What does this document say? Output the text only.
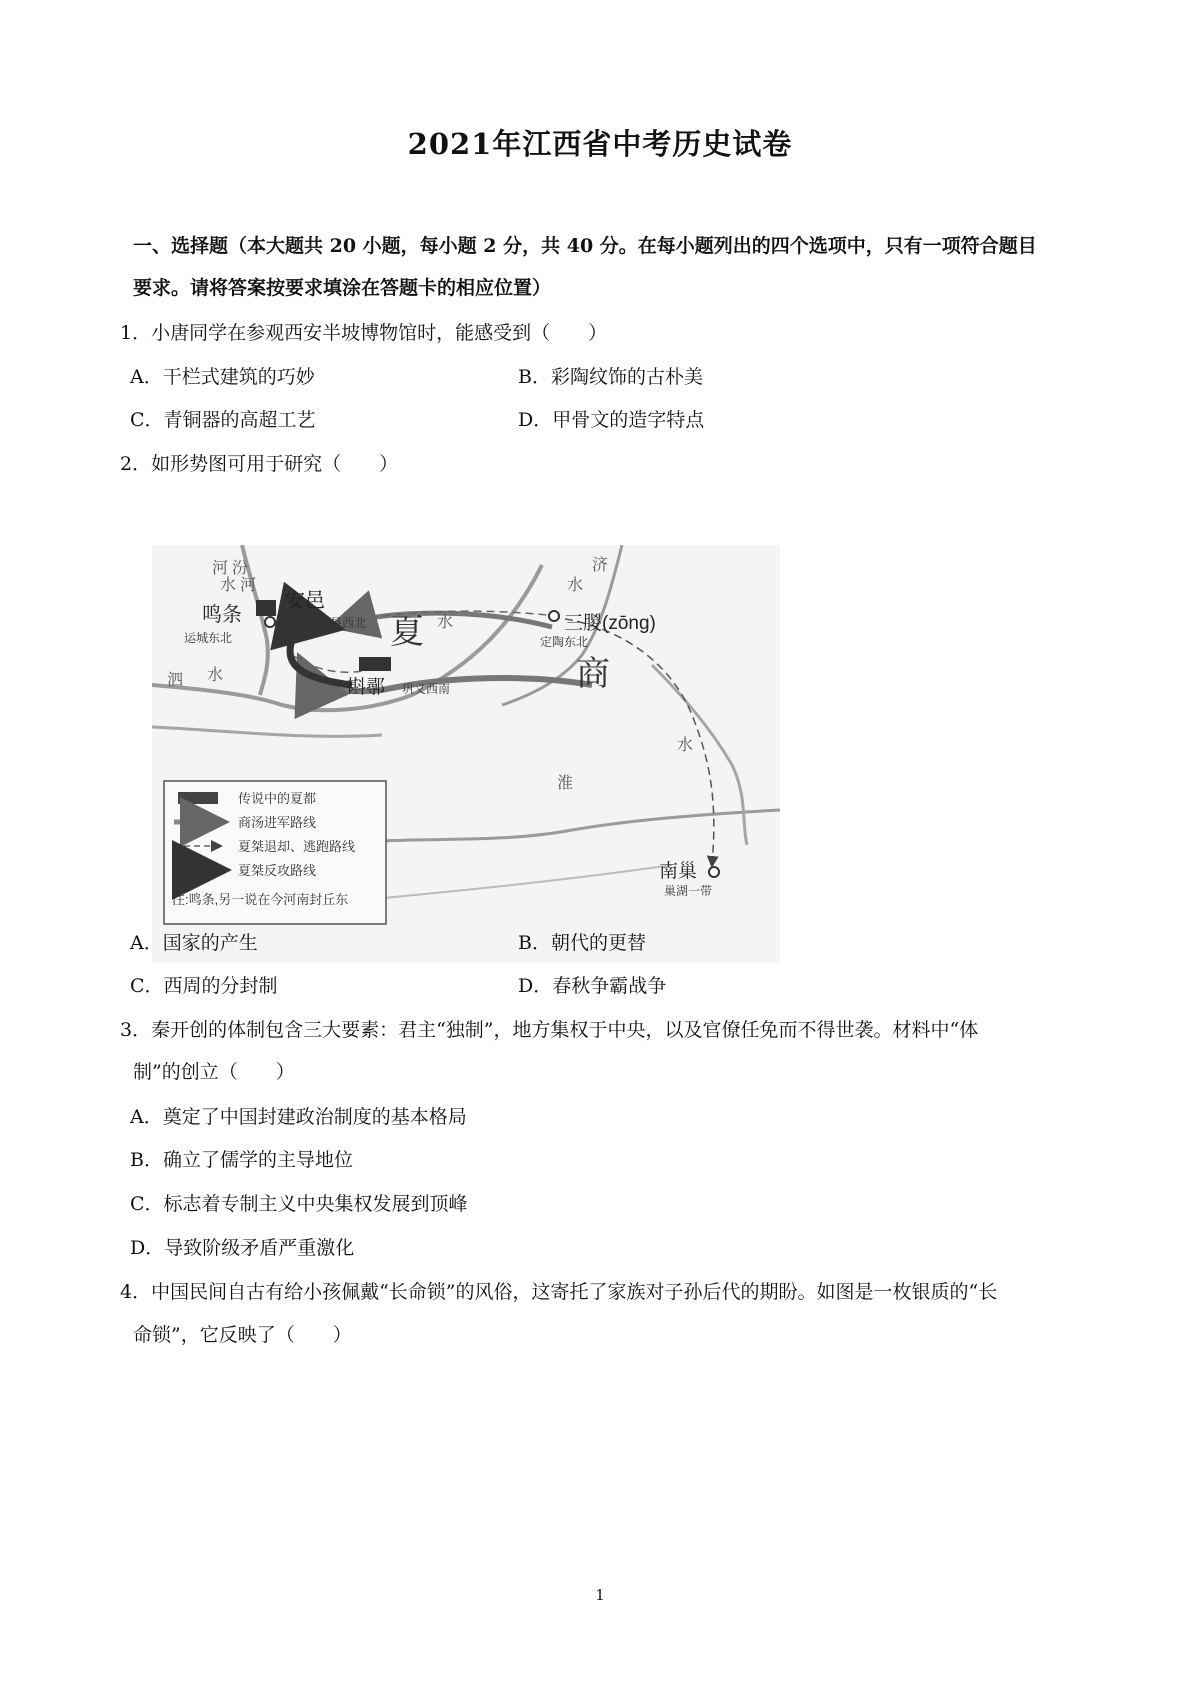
2021年江西省中考历史试卷
一、选择题（本大题共 20 小题，每小题 2 分，共 40 分。在每小题列出的四个选项中，只有一项符合题目
要求。请将答案按要求填涂在答题卡的相应位置）
1．小唐同学在参观西安半坡博物馆时，能感受到（　　）
A．干栏式建筑的巧妙	B．彩陶纹饰的古朴美
C．青铜器的高超工艺	D．甲骨文的造字特点
2．如形势图可用于研究（　　）
河 汾
水 河
济
水
水
泗 水
水
淮
鸣条
运城东北
安邑
夏县西北 夏	三朡(zōng)
定陶东北
商
斟鄩 巩义西南
南巢
巢湖一带
传说中的夏都
商汤进军路线
夏桀退却、逃跑路线
夏桀反攻路线
注:鸣条,另一说在今河南封丘东
A．国家的产生	B．朝代的更替
C．西周的分封制	D．春秋争霸战争
3．秦开创的体制包含三大要素：君主“独制”，地方集权于中央，以及官僚任免而不得世袭。材料中“体
制”的创立（　　）
A．奠定了中国封建政治制度的基本格局
B．确立了儒学的主导地位
C．标志着专制主义中央集权发展到顶峰
D．导致阶级矛盾严重激化
4．中国民间自古有给小孩佩戴“长命锁”的风俗，这寄托了家族对子孙后代的期盼。如图是一枚银质的“长
命锁”，它反映了（　　）
1
